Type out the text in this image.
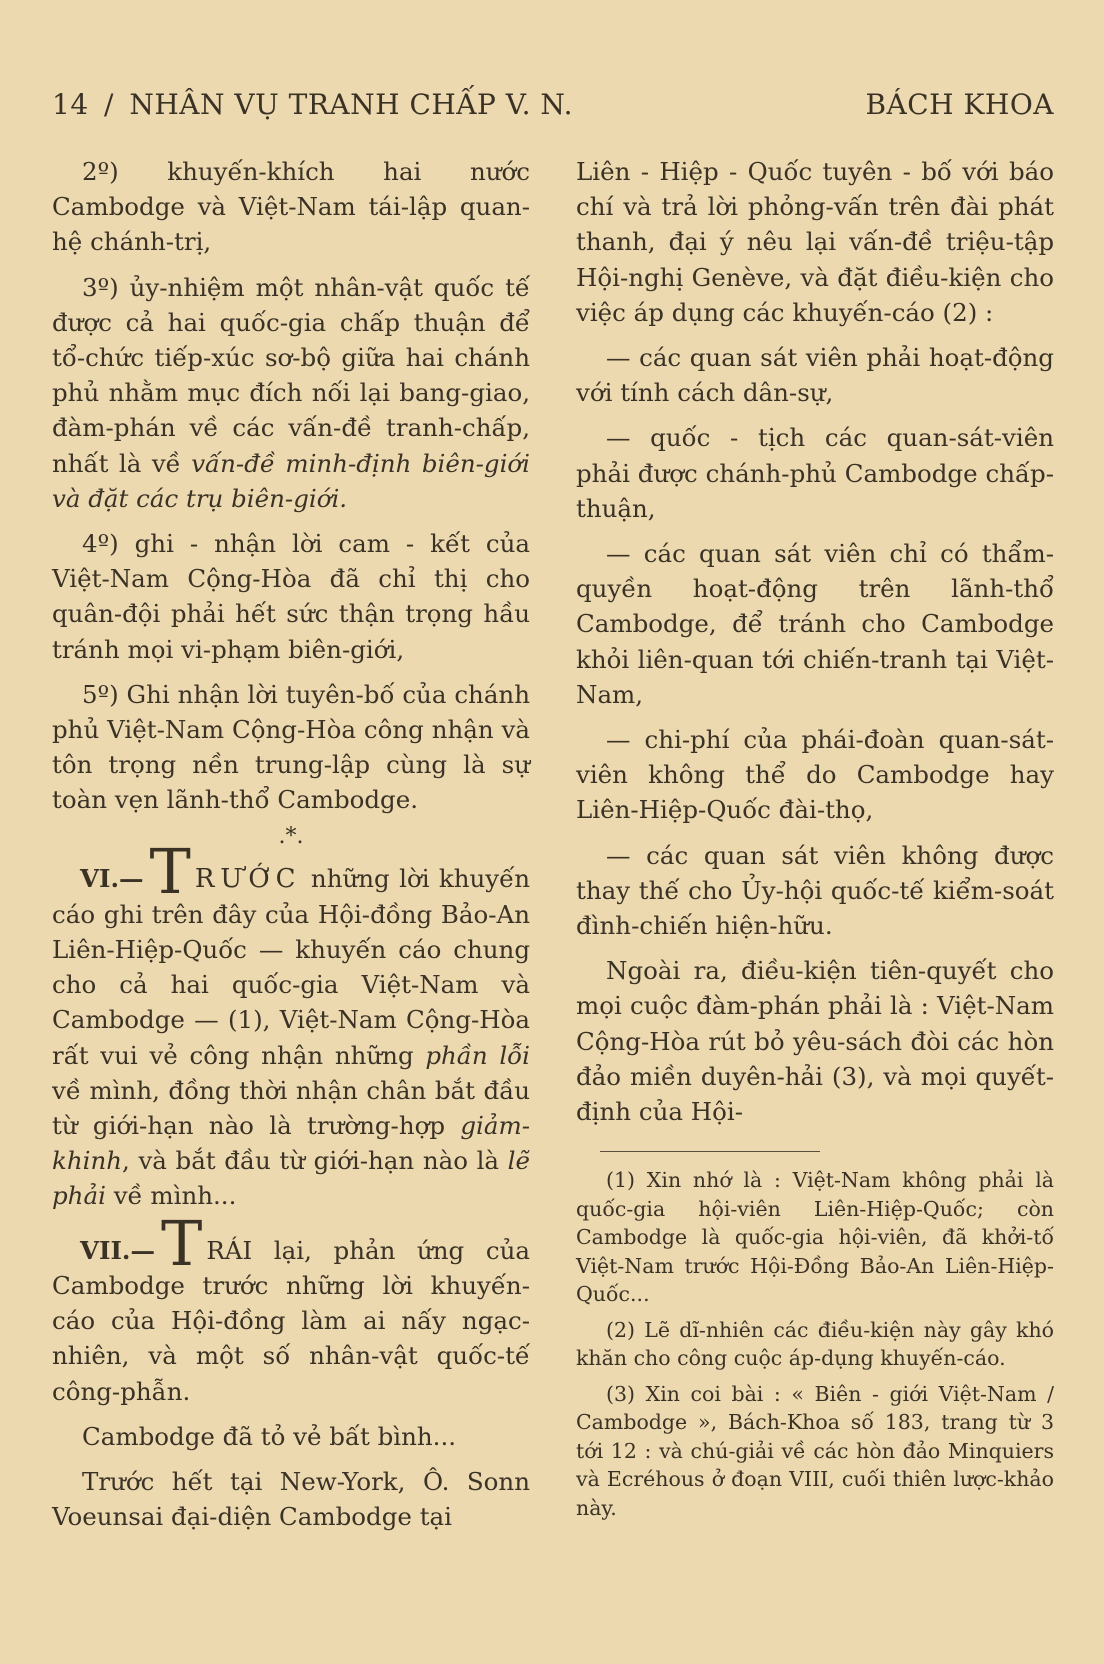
14 / NHÂN VỤ TRANH CHẤP V. N.	BÁCH KHOA

2º) khuyến-khích hai nước Cambodge và Việt-Nam tái-lập quan-hệ chánh-trị,

3º) ủy-nhiệm một nhân-vật quốc tế được cả hai quốc-gia chấp thuận để tổ-chức tiếp-xúc sơ-bộ giữa hai chánh phủ nhằm mục đích nối lại bang-giao, đàm-phán về các vấn-đề tranh-chấp, nhất là về vấn-đề minh-định biên-giới và đặt các trụ biên-giới.

4º) ghi - nhận lời cam - kết của Việt-Nam Cộng-Hòa đã chỉ thị cho quân-đội phải hết sức thận trọng hầu tránh mọi vi-phạm biên-giới,

5º) Ghi nhận lời tuyên-bố của chánh phủ Việt-Nam Cộng-Hòa công nhận và tôn trọng nền trung-lập cùng là sự toàn vẹn lãnh-thổ Cambodge.

.*.

VI.—T RƯỚC những lời khuyến cáo ghi trên đây của Hội-đồng Bảo-An Liên-Hiệp-Quốc — khuyến cáo chung cho cả hai quốc-gia Việt-Nam và Cambodge — (1), Việt-Nam Cộng-Hòa rất vui vẻ công nhận những phần lỗi về mình, đồng thời nhận chân bắt đầu từ giới-hạn nào là trường-hợp giảm-khinh, và bắt đầu từ giới-hạn nào là lẽ phải về mình...

VII.—T RÁI lại, phản ứng của Cambodge trước những lời khuyến-cáo của Hội-đồng làm ai nấy ngạc-nhiên, và một số nhân-vật quốc-tế công-phẫn.

Cambodge đã tỏ vẻ bất bình...

Trước hết tại New-York, Ô. Sonn Voeunsai đại-diện Cambodge tại

Liên - Hiệp - Quốc tuyên - bố với báo chí và trả lời phỏng-vấn trên đài phát thanh, đại ý nêu lại vấn-đề triệu-tập Hội-nghị Genève, và đặt điều-kiện cho việc áp dụng các khuyến-cáo (2) :

— các quan sát viên phải hoạt-động với tính cách dân-sự,

— quốc - tịch các quan-sát-viên phải được chánh-phủ Cambodge chấp-thuận,

— các quan sát viên chỉ có thẩm-quyền hoạt-động trên lãnh-thổ Cambodge, để tránh cho Cambodge khỏi liên-quan tới chiến-tranh tại Việt-Nam,

— chi-phí của phái-đoàn quan-sát-viên không thể do Cambodge hay Liên-Hiệp-Quốc đài-thọ,

— các quan sát viên không được thay thế cho Ủy-hội quốc-tế kiểm-soát đình-chiến hiện-hữu.

Ngoài ra, điều-kiện tiên-quyết cho mọi cuộc đàm-phán phải là : Việt-Nam Cộng-Hòa rút bỏ yêu-sách đòi các hòn đảo miền duyên-hải (3), và mọi quyết-định của Hội-

(1) Xin nhớ là : Việt-Nam không phải là quốc-gia hội-viên Liên-Hiệp-Quốc; còn Cambodge là quốc-gia hội-viên, đã khởi-tố Việt-Nam trước Hội-Đồng Bảo-An Liên-Hiệp-Quốc...

(2) Lẽ dĩ-nhiên các điều-kiện này gây khó khăn cho công cuộc áp-dụng khuyến-cáo.

(3) Xin coi bài : « Biên - giới Việt-Nam / Cambodge », Bách-Khoa số 183, trang từ 3 tới 12 : và chú-giải về các hòn đảo Minquiers và Ecréhous ở đoạn VIII, cuối thiên lược-khảo này.
